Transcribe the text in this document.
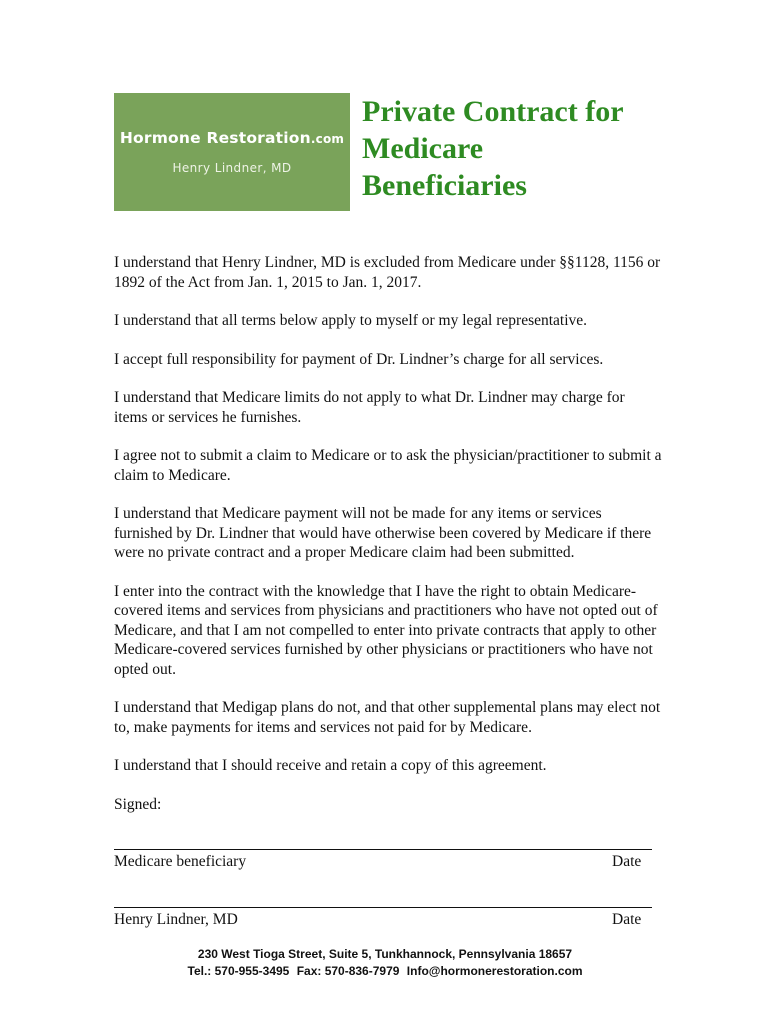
Hormone Restoration.com
Henry Lindner, MD
Private Contract for
Medicare
Beneficiaries

I understand that Henry Lindner, MD is excluded from Medicare under §§1128, 1156 or 1892 of the Act from Jan. 1, 2015 to Jan. 1, 2017.

I understand that all terms below apply to myself or my legal representative.

I accept full responsibility for payment of Dr. Lindner’s charge for all services.

I understand that Medicare limits do not apply to what Dr. Lindner may charge for items or services he furnishes.

I agree not to submit a claim to Medicare or to ask the physician/practitioner to submit a claim to Medicare.

I understand that Medicare payment will not be made for any items or services furnished by Dr. Lindner that would have otherwise been covered by Medicare if there were no private contract and a proper Medicare claim had been submitted.

I enter into the contract with the knowledge that I have the right to obtain Medicare-covered items and services from physicians and practitioners who have not opted out of Medicare, and that I am not compelled to enter into private contracts that apply to other Medicare-covered services furnished by other physicians or practitioners who have not opted out.

I understand that Medigap plans do not, and that other supplemental plans may elect not to, make payments for items and services not paid for by Medicare.

I understand that I should receive and retain a copy of this agreement.

Signed:
Medicare beneficiary	Date
Henry Lindner, MD	Date
230 West Tioga Street, Suite 5, Tunkhannock, Pennsylvania 18657
Tel.: 570-955-3495 Fax: 570-836-7979 Info@hormonerestoration.com
